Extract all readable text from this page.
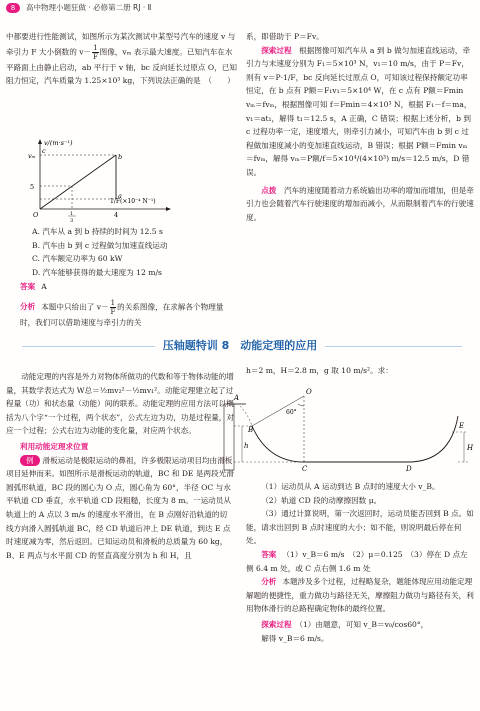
8	高中物理小题狂做 · 必修第二册 RJ · Ⅱ

中都要进行性能测试，如图所示为某次测试中某型号汽车的速度 v 与牵引力 F 大小倒数的 $v- \frac{1}{F}$ 图像，vₘ 表示最大速度。已知汽车在水平路面上由静止启动，ab 平行于 v 轴，bc 反向延长过原点 O，已知阻力恒定，汽车质量为 1.25×10³ kg，下列说法正确的是　（　　）

v/(m·s⁻¹)
1/F(×10⁻⁴ N⁻¹)
vₘ
5
O	1
3
4
a
b
c

A. 汽车从 a 到 b 持续的时间为 12.5 s

B. 汽车由 b 到 c 过程做匀加速直线运动

C. 汽车额定功率为 60 kW

D. 汽车能够获得的最大速度为 12 m/s

答案 A

分析 本题中只给出了 $v- \frac{1}{F}$ 的关系图像，在求解各个物理量时，我们可以借助速度与牵引力的关

系，即借助于 P＝Fv。

探索过程　 根据图像可知汽车从 a 到 b 做匀加速直线运动，牵引力与末速度分别为 F₁＝5×10³ N，v₁＝10 m/s，由于 P＝Fv，则有 v＝P·1/F，bc 反向延长过原点 O，可知该过程保持额定功率恒定，在 b 点有 P额＝F₁v₁＝5×10⁴ W，在 c 点有 P额＝Fmin vₘ＝fvₘ，根据图像可知 f＝Fmin＝4×10³ N，根据 F₁－f＝ma，v₁＝at₁，解得 t₁＝12.5 s，A 正确，C 错误；根据上述分析，b 到 c 过程功率一定，速度增大，则牵引力减小，可知汽车由 b 到 c 过程做加速度减小的变加速直线运动，B 错误；根据 P额＝Fmin vₘ＝fvₘ，解得 vₘ＝P额/f＝5×10⁴/(4×10³) m/s＝12.5 m/s，D 错误。

点拨　 汽车的速度随着动力系统输出功率的增加而增加，但是牵引力也会随着汽车行驶速度的增加而减小，从而限制着汽车的行驶速度。

压轴题特训 8　动能定理的应用

动能定理的内容是外力对物体所做功的代数和等于物体动能的增量，其数学表达式为 W总＝½mv₂²－½mv₁²。动能定理建立起了过程量（功）和状态量（动能）间的联系。动能定理的应用方法可以概括为八个字“一个过程，两个状态”，公式左边为功，功是过程量，对应一个过程；公式右边为动能的变化量，对应两个状态。

利用动能定理求位置

例 滑板运动是极限运动的鼻祖，许多极限运动项目均由滑板项目延伸而来。如图所示是滑板运动的轨道，BC 和 DE 是两段光滑圆弧形轨道，BC 段的圆心为 O 点，圆心角为 60°，半径 OC 与水平轨道 CD 垂直，水平轨道 CD 段粗糙，长度为 8 m。一运动员从轨道上的 A 点以 3 m/s 的速度水平滑出，在 B 点刚好沿轨道的切线方向滑入圆弧轨道 BC，经 CD 轨道后冲上 DE 轨道，到达 E 点时速度减为零，然后返回。已知运动员和滑板的总质量为 60 kg，B、E 两点与水平面 CD 的竖直高度分别为 h 和 H，且

h＝2 m，H＝2.8 m，g 取 10 m/s²。求：

A
B
C	D
E
O
h	H
60°

（1）运动员从 A 运动到达 B 点时的速度大小 v_B。

（2）轨道 CD 段的动摩擦因数 μ。

（3）通过计算说明，第一次返回时，运动员能否回到 B 点。如能，请求出回到 B 点时速度的大小；如不能，则说明最后停在何处。

答案 （1）v_B＝6 m/s　（2）μ＝0.125　（3）停在 D 点左侧 6.4 m 处，或 C 点右侧 1.6 m 处

分析 本题涉及多个过程，过程略复杂，题能体现应用动能定理解题的便捷性，重力做功与路径无关，摩擦阻力做功与路径有关，利用物体滑行的总路程确定物体的最终位置。

探索过程　 （1）由题意，可知 v_B＝v₀/cos60°，

解得 v_B＝6 m/s。
